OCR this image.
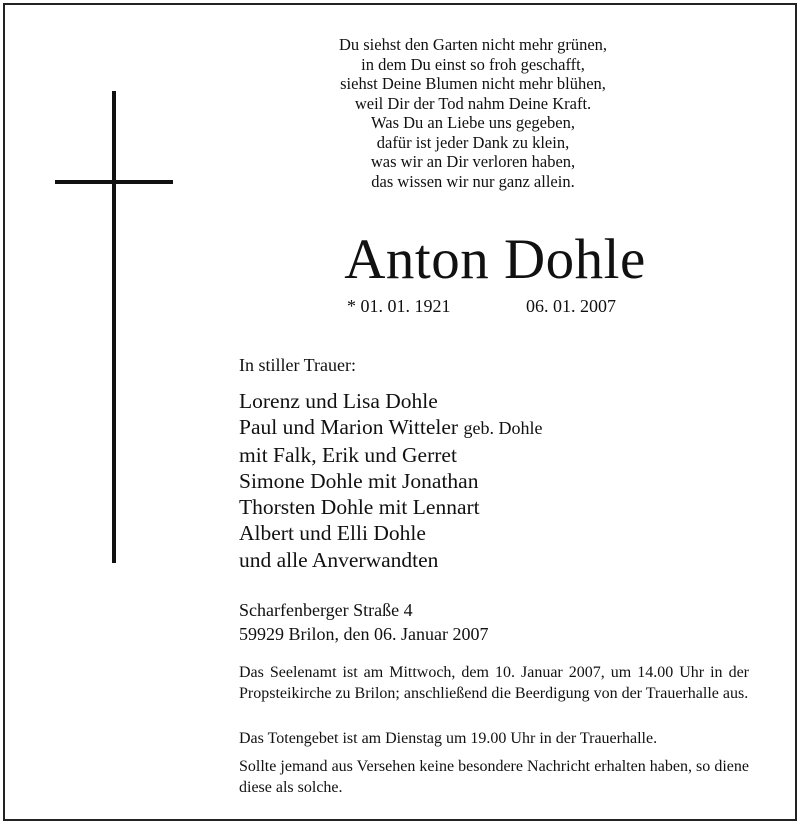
Du siehst den Garten nicht mehr grünen,
in dem Du einst so froh geschafft,
siehst Deine Blumen nicht mehr blühen,
weil Dir der Tod nahm Deine Kraft.
Was Du an Liebe uns gegeben,
dafür ist jeder Dank zu klein,
was wir an Dir verloren haben,
das wissen wir nur ganz allein.
Anton Dohle
* 01. 01. 1921	06. 01. 2007
In stiller Trauer:
Lorenz und Lisa Dohle
Paul und Marion Witteler geb. Dohle
mit Falk, Erik und Gerret
Simone Dohle mit Jonathan
Thorsten Dohle mit Lennart
Albert und Elli Dohle
und alle Anverwandten
Scharfenberger Straße 4
59929 Brilon, den 06. Januar 2007
Das Seelenamt ist am Mittwoch, dem 10. Januar 2007, um 14.00 Uhr in der Propsteikirche zu Brilon; anschließend die Beerdigung von der Trauerhalle aus.
Das Totengebet ist am Dienstag um 19.00 Uhr in der Trauerhalle.
Sollte jemand aus Versehen keine besondere Nachricht erhalten haben, so diene diese als solche.
